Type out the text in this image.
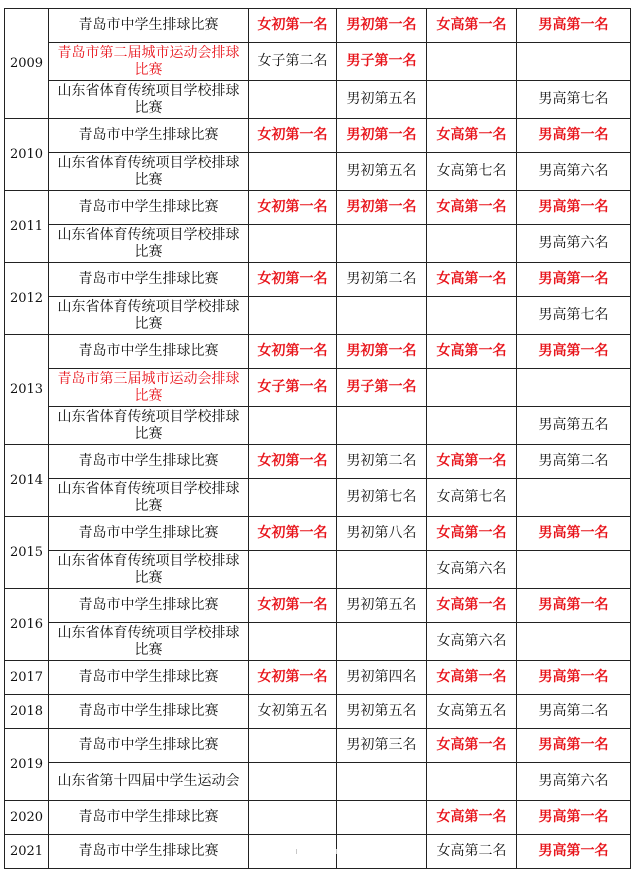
2009	青岛市中学生排球比赛	女初第一名	男初第一名	女高第一名	男高第一名
	青岛市第二届城市运动会排球比赛	女子第二名	男子第一名		
	山东省体育传统项目学校排球比赛		男初第五名		男高第七名
2010	青岛市中学生排球比赛	女初第一名	男初第一名	女高第一名	男高第一名
	山东省体育传统项目学校排球比赛		男初第五名	女高第七名	男高第六名
2011	青岛市中学生排球比赛	女初第一名	男初第一名	女高第一名	男高第一名
	山东省体育传统项目学校排球比赛				男高第六名
2012	青岛市中学生排球比赛	女初第一名	男初第二名	女高第一名	男高第一名
	山东省体育传统项目学校排球比赛				男高第七名
2013	青岛市中学生排球比赛	女初第一名	男初第一名	女高第一名	男高第一名
	青岛市第三届城市运动会排球比赛	女子第一名	男子第一名		
	山东省体育传统项目学校排球比赛				男高第五名
2014	青岛市中学生排球比赛	女初第一名	男初第二名	女高第一名	男高第二名
	山东省体育传统项目学校排球比赛		男初第七名	女高第七名	
2015	青岛市中学生排球比赛	女初第一名	男初第八名	女高第一名	男高第一名
	山东省体育传统项目学校排球比赛			女高第六名	
2016	青岛市中学生排球比赛	女初第一名	男初第五名	女高第一名	男高第一名
	山东省体育传统项目学校排球比赛			女高第六名	
2017	青岛市中学生排球比赛	女初第一名	男初第四名	女高第一名	男高第一名
2018	青岛市中学生排球比赛	女初第五名	男初第五名	女高第五名	男高第二名
2019	青岛市中学生排球比赛		男初第三名	女高第一名	男高第一名
	山东省第十四届中学生运动会				男高第六名
2020	青岛市中学生排球比赛			女高第一名	男高第一名
2021	青岛市中学生排球比赛			女高第二名	男高第一名
